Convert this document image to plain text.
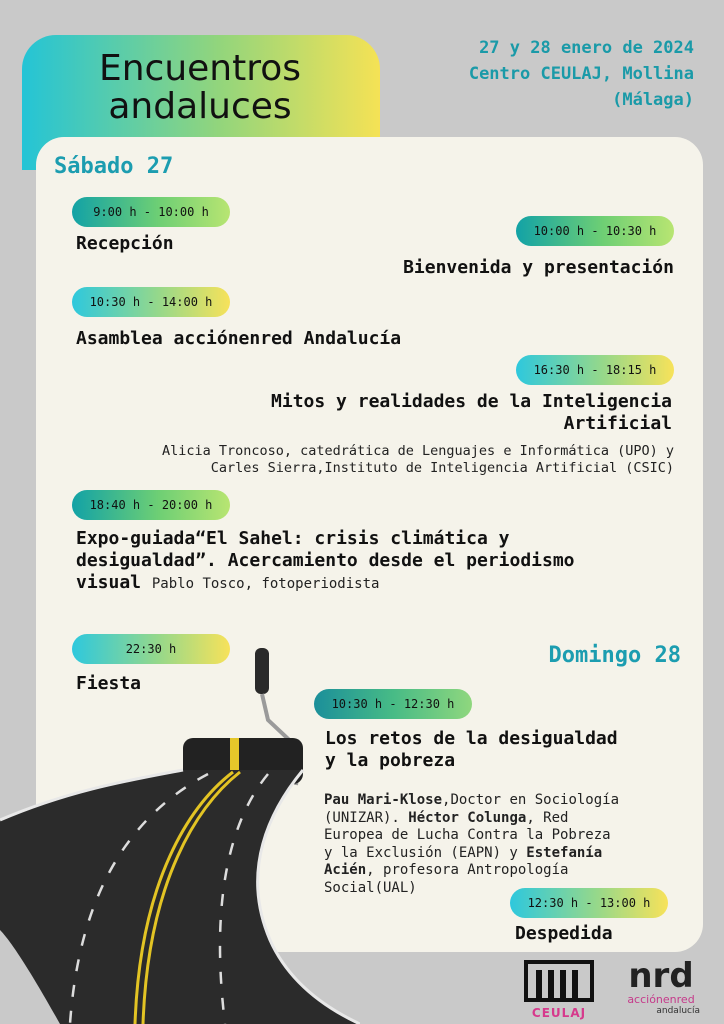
Encuentros
andaluces
27 y 28 enero de 2024
Centro CEULAJ, Mollina
(Málaga)
Sábado 27
9:00 h - 10:00 h
Recepción
10:00 h - 10:30 h
Bienvenida y presentación
10:30 h - 14:00 h
Asamblea acciónenred Andalucía
16:30 h - 18:15 h
Mitos y realidades de la Inteligencia
Artificial
Alicia Troncoso, catedrática de Lenguajes e Informática (UPO) y
Carles Sierra,Instituto de Inteligencia Artificial (CSIC)
18:40 h - 20:00 h
Expo-guiada“El Sahel: crisis climática y
desigualdad”. Acercamiento desde el periodismo
visual Pablo Tosco, fotoperiodista
22:30 h
Fiesta
Domingo 28
10:30 h - 12:30 h
Los retos de la desigualdad
y la pobreza
Pau Mari-Klose,Doctor en Sociología
(UNIZAR). Héctor Colunga, Red
Europea de Lucha Contra la Pobreza
y la Exclusión (EAPN) y Estefanía
Acién, profesora Antropología
Social(UAL)
12:30 h - 13:00 h
Despedida
CEULAJ
nrd
acciónenred
andalucía
